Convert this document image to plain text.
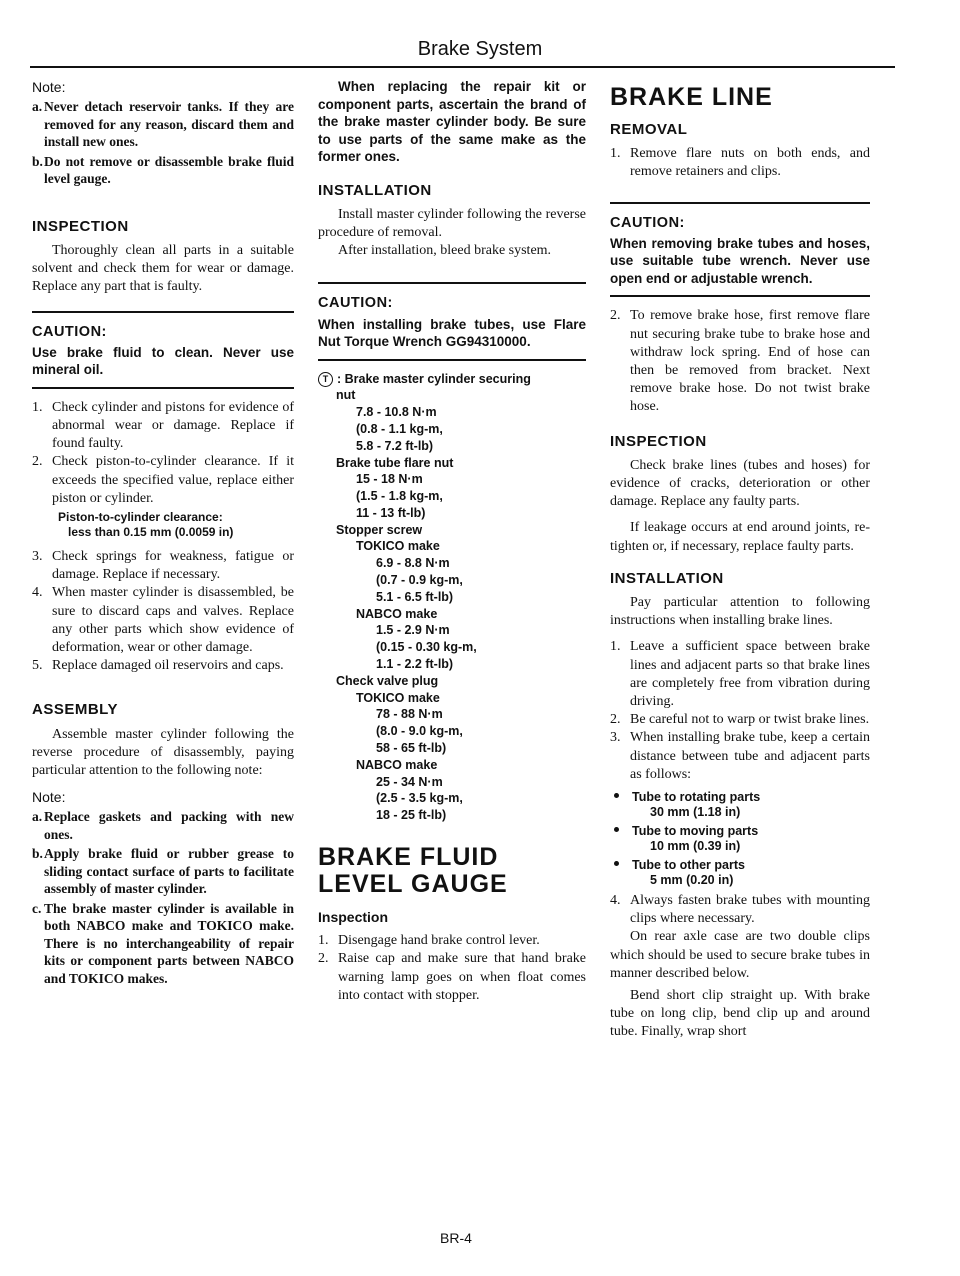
Brake System
Note:
a. Never detach reservoir tanks. If they are removed for any reason, discard them and install new ones.
b. Do not remove or disassemble brake fluid level gauge.
INSPECTION

Thoroughly clean all parts in a suitable solvent and check them for wear or damage. Replace any part that is faulty.

CAUTION:
Use brake fluid to clean. Never use mineral oil.
1. Check cylinder and pistons for evidence of abnormal wear or damage. Replace if found faulty.
2. Check piston-to-cylinder clearance. If it exceeds the specified value, replace either piston or cylinder.
Piston-to-cylinder clearance:
less than 0.15 mm (0.0059 in)
3. Check springs for weakness, fatigue or damage. Replace if necessary.
4. When master cylinder is disassembled, be sure to discard caps and valves. Replace any other parts which show evidence of deformation, wear or other damage.
5. Replace damaged oil reservoirs and caps.
ASSEMBLY

Assemble master cylinder following the reverse procedure of disassembly, paying particular attention to the following note:

Note:
a. Replace gaskets and packing with new ones.
b. Apply brake fluid or rubber grease to sliding contact surface of parts to facilitate assembly of master cylinder.
c. The brake master cylinder is available in both NABCO make and TOKICO make. There is no interchangeability of repair kits or component parts between NABCO and TOKICO makes.

When replacing the repair kit or component parts, ascertain the brand of the brake master cylinder body. Be sure to use parts of the same make as the former ones.

INSTALLATION

Install master cylinder following the reverse procedure of removal.

After installation, bleed brake system.

CAUTION:
When installing brake tubes, use Flare Nut Torque Wrench GG94310000.
T : Brake master cylinder securing
nut
7.8 - 10.8 N·m
(0.8 - 1.1 kg-m,
5.8 - 7.2 ft-lb)
Brake tube flare nut
15 - 18 N·m
(1.5 - 1.8 kg-m,
11 - 13 ft-lb)
Stopper screw
TOKICO make
6.9 - 8.8 N·m
(0.7 - 0.9 kg-m,
5.1 - 6.5 ft-lb)
NABCO make
1.5 - 2.9 N·m
(0.15 - 0.30 kg-m,
1.1 - 2.2 ft-lb)
Check valve plug
TOKICO make
78 - 88 N·m
(8.0 - 9.0 kg-m,
58 - 65 ft-lb)
NABCO make
25 - 34 N·m
(2.5 - 3.5 kg-m,
18 - 25 ft-lb)
BRAKE FLUID
LEVEL GAUGE
Inspection
1. Disengage hand brake control lever.
2. Raise cap and make sure that hand brake warning lamp goes on when float comes into contact with stopper.
BRAKE LINE
REMOVAL
1. Remove flare nuts on both ends, and remove retainers and clips.
CAUTION:
When removing brake tubes and hoses, use suitable tube wrench. Never use open end or adjustable wrench.
2. To remove brake hose, first remove flare nut securing brake tube to brake hose and withdraw lock spring. End of hose can then be removed from bracket. Next remove brake hose. Do not twist brake hose.
INSPECTION

Check brake lines (tubes and hoses) for evidence of cracks, deterioration or other damage. Replace any faulty parts.

If leakage occurs at end around joints, re-tighten or, if necessary, replace faulty parts.

INSTALLATION

Pay particular attention to following instructions when installing brake lines.

1. Leave a sufficient space between brake lines and adjacent parts so that brake lines are completely free from vibration during driving.
2. Be careful not to warp or twist brake lines.
3. When installing brake tube, keep a certain distance between tube and adjacent parts as follows:
Tube to rotating parts
30 mm (1.18 in)
Tube to moving parts
10 mm (0.39 in)
Tube to other parts
5 mm (0.20 in)
4. Always fasten brake tubes with mounting clips where necessary.

On rear axle case are two double clips which should be used to secure brake tubes in manner described below.

Bend short clip straight up. With brake tube on long clip, bend clip up and around tube. Finally, wrap short

BR-4
